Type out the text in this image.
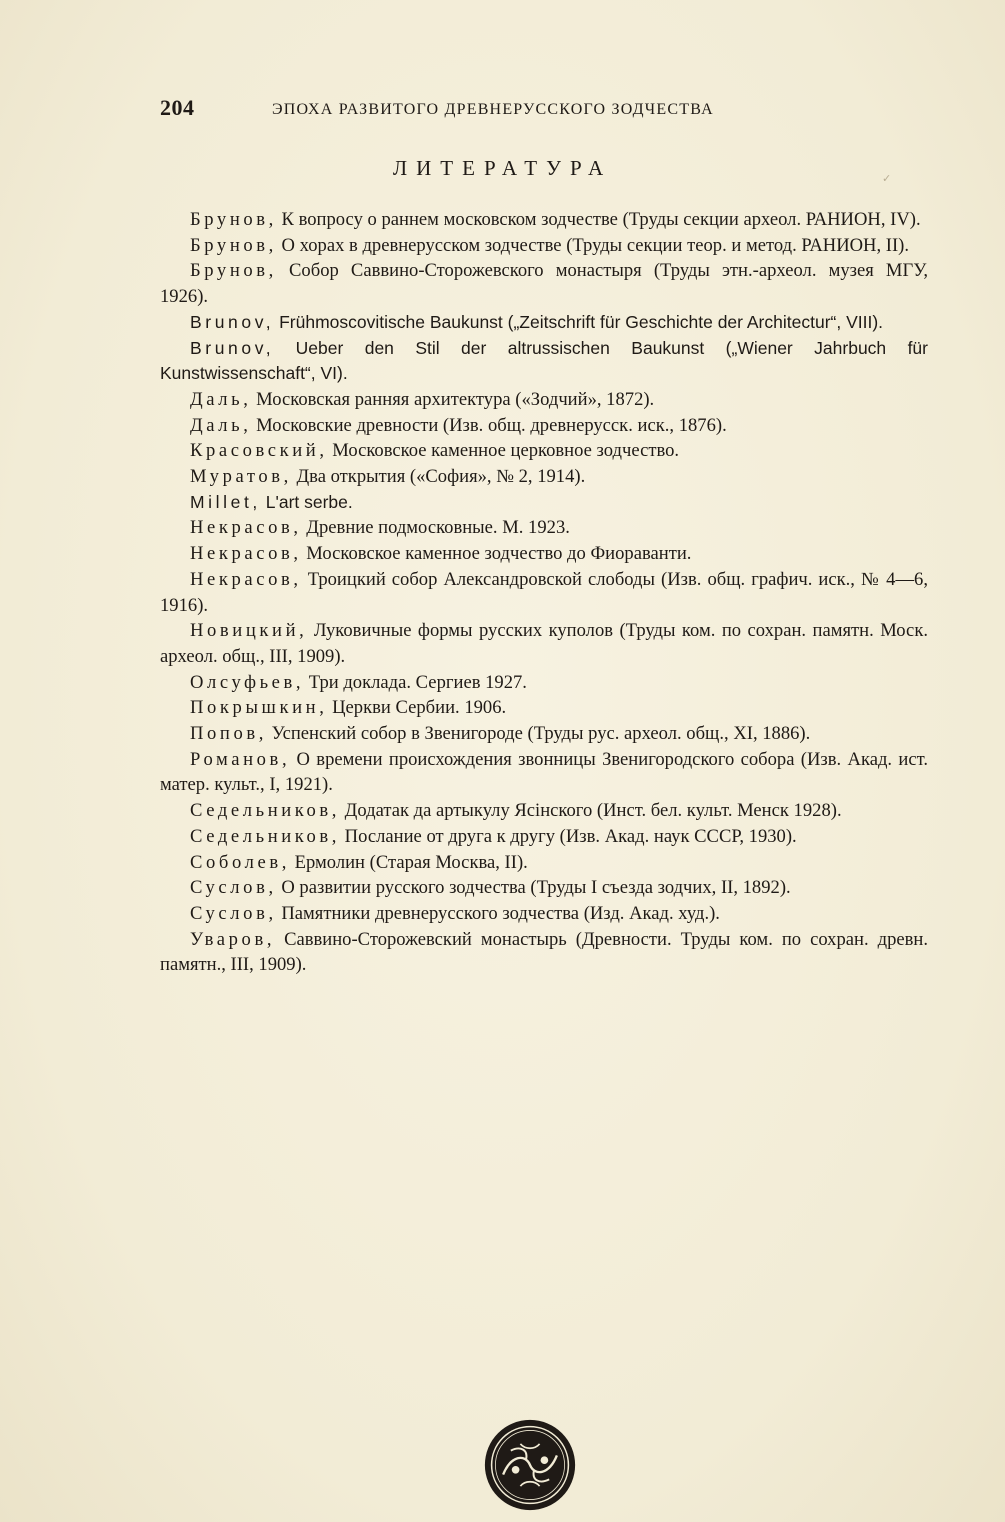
204	ЭПОХА РАЗВИТОГО ДРЕВНЕРУССКОГО ЗОДЧЕСТВА
ЛИТЕРАТУРА	✓
Брунов, К вопросу о раннем московском зодчестве (Труды секции археол. РАНИОН, IV).
Брунов, О хорах в древнерусском зодчестве (Труды секции теор. и метод. РАНИОН, II).
Брунов, Собор Саввино-Сторожевского монастыря (Труды этн.-археол. музея МГУ, 1926).
Brunov, Frühmoscovitische Baukunst („Zeitschrift für Geschichte der Architectur“, VIII).
Brunov, Ueber den Stil der altrussischen Baukunst („Wiener Jahrbuch für Kunstwissenschaft“, VI).
Даль, Московская ранняя архитектура («Зодчий», 1872).
Даль, Московские древности (Изв. общ. древнерусск. иск., 1876).
Красовский, Московское каменное церковное зодчество.
Муратов, Два открытия («София», № 2, 1914).
Millet, L'art serbe.
Некрасов, Древние подмосковные. М. 1923.
Некрасов, Московское каменное зодчество до Фиораванти.
Некрасов, Троицкий собор Александровской слободы (Изв. общ. графич. иск., № 4—6, 1916).
Новицкий, Луковичные формы русских куполов (Труды ком. по сохран. памятн. Моск. археол. общ., III, 1909).
Олсуфьев, Три доклада. Сергиев 1927.
Покрышкин, Церкви Сербии. 1906.
Попов, Успенский собор в Звенигороде (Труды рус. археол. общ., XI, 1886).
Романов, О времени происхождения звонницы Звенигородского собора (Изв. Акад. ист. матер. культ., I, 1921).
Седельников, Додатак да артыкулу Ясінского (Инст. бел. культ. Менск 1928).
Седельников, Послание от друга к другу (Изв. Акад. наук СССР, 1930).
Соболев, Ермолин (Старая Москва, II).
Суслов, О развитии русского зодчества (Труды I съезда зодчих, II, 1892).
Суслов, Памятники древнерусского зодчества (Изд. Акад. худ.).
Уваров, Саввино-Сторожевский монастырь (Древности. Труды ком. по сохран. древн. памятн., III, 1909).
